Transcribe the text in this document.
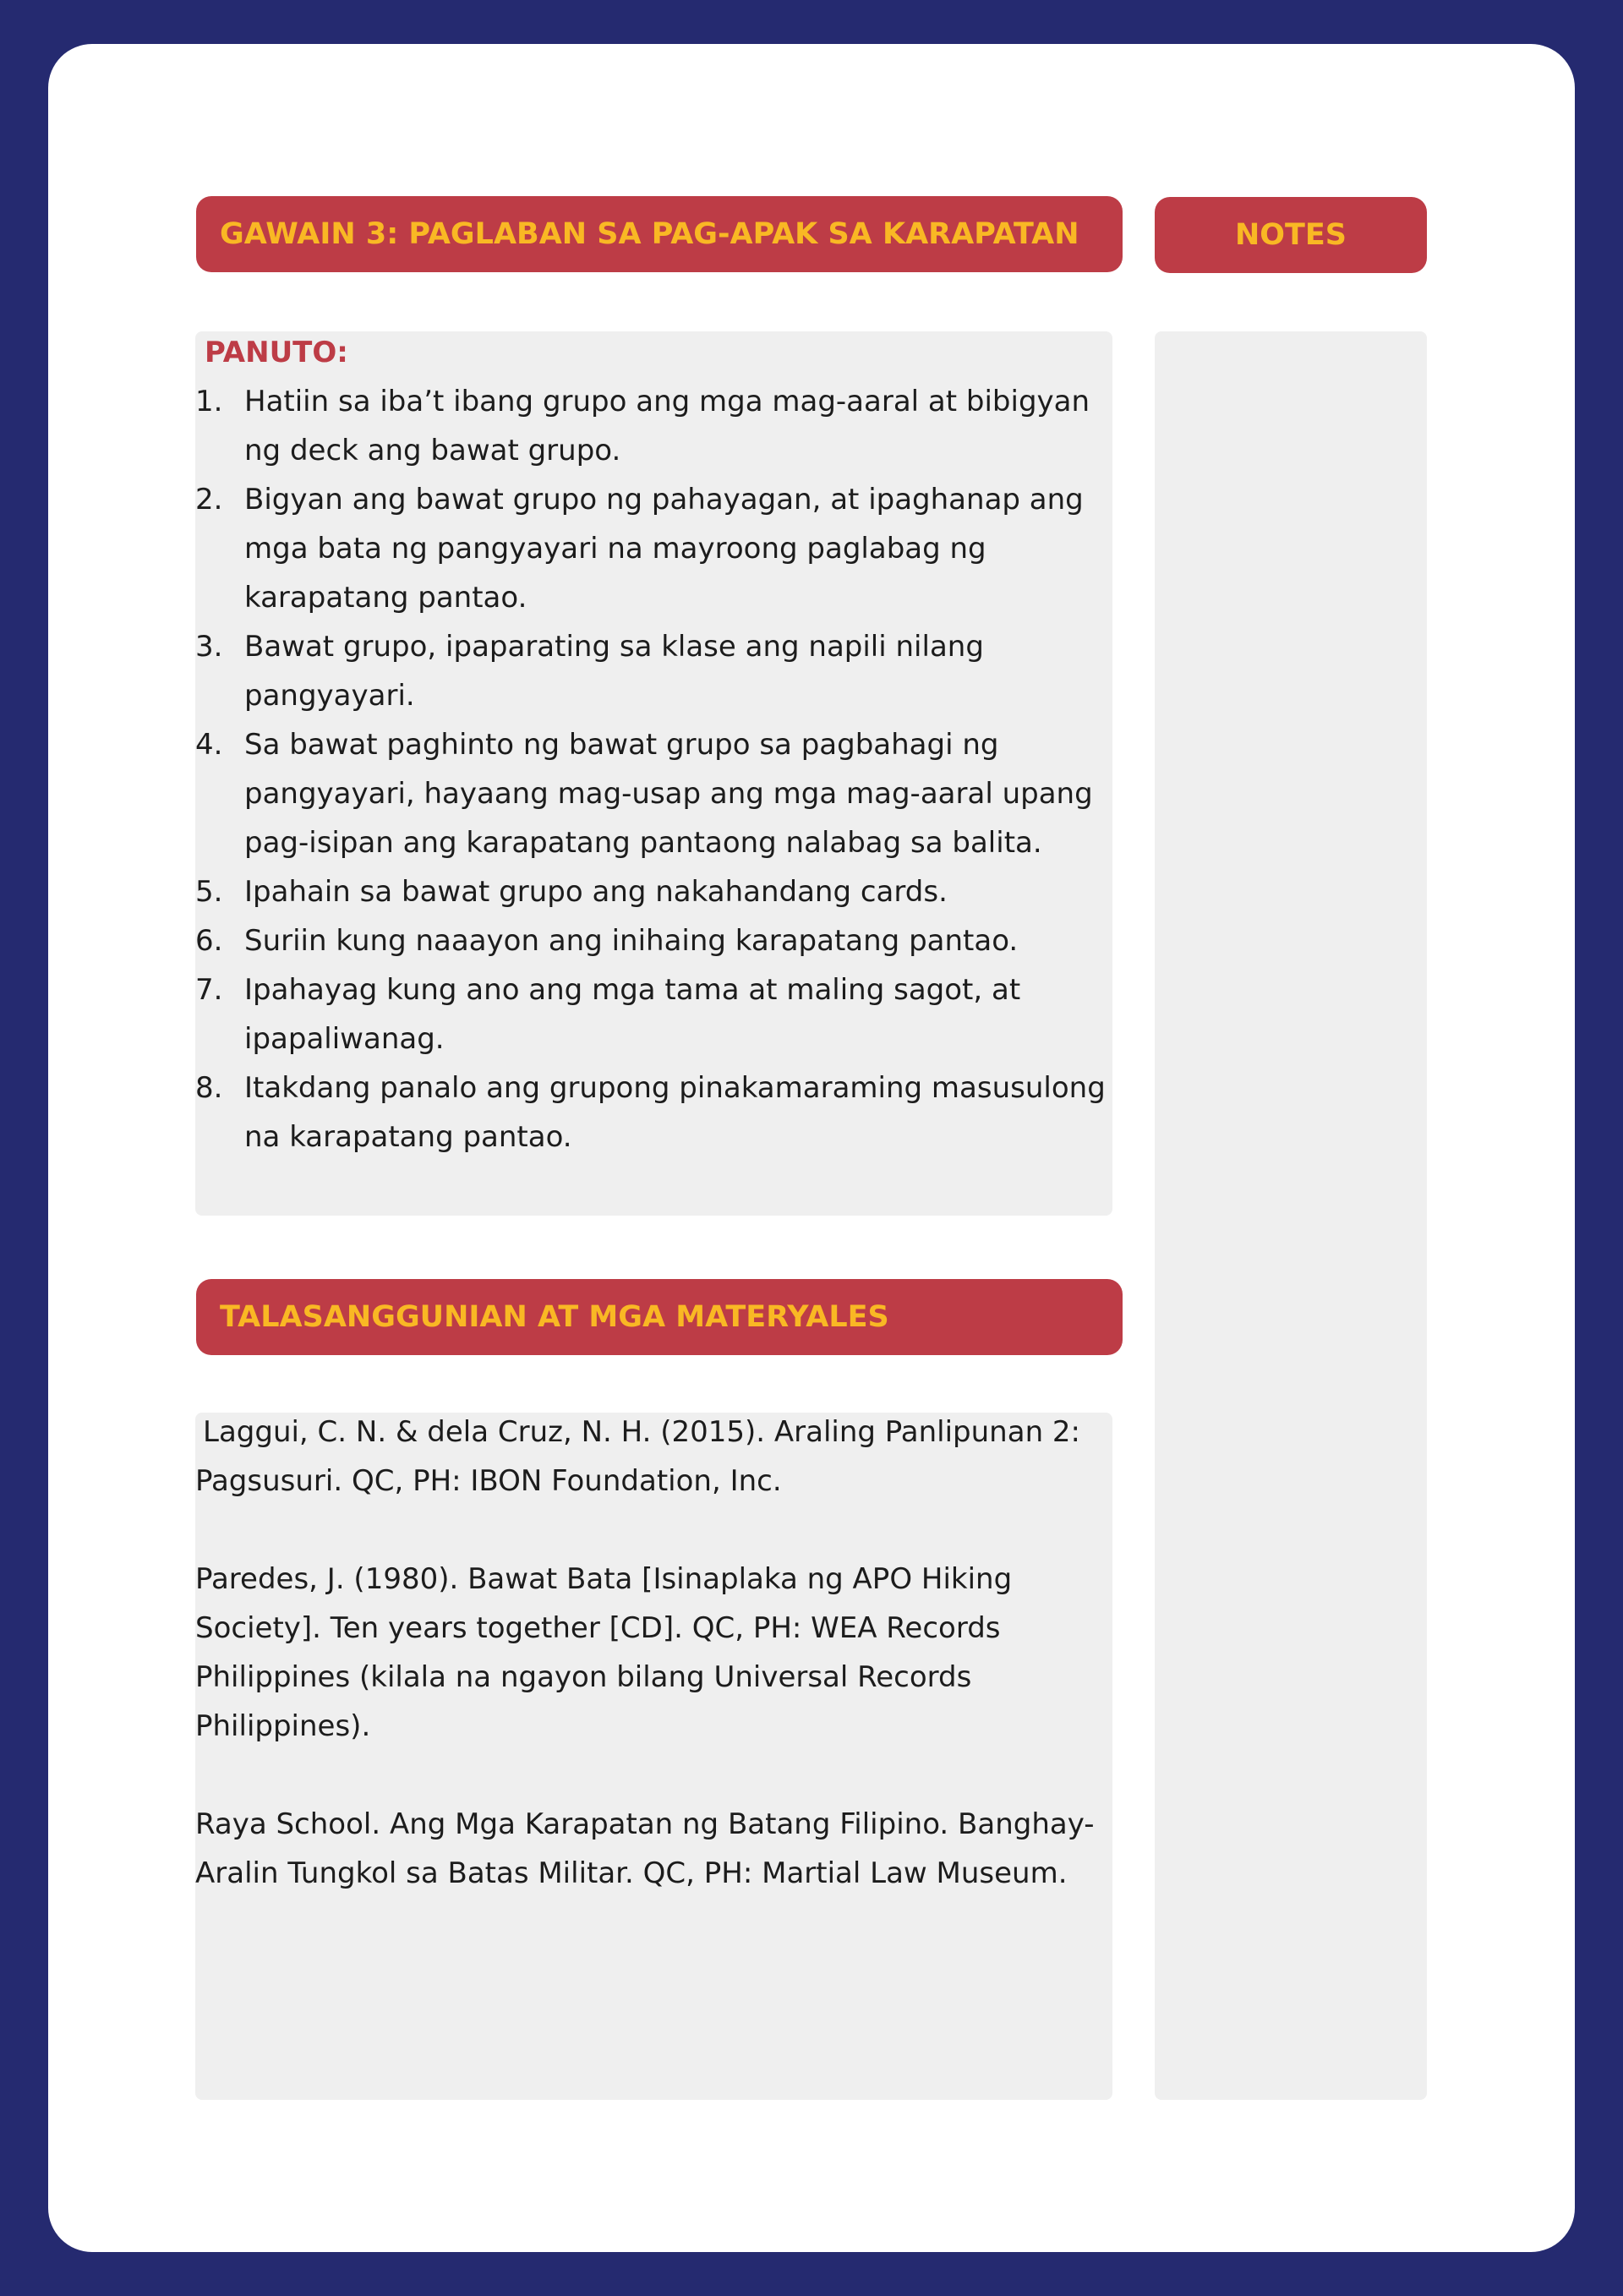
GAWAIN 3: PAGLABAN SA PAG-APAK SA KARAPATAN	NOTES
PANUTO:
1. Hatiin sa iba’t ibang grupo ang mga mag-aaral at bibigyan ng deck ang bawat grupo.
2. Bigyan ang bawat grupo ng pahayagan, at ipaghanap ang mga bata ng pangyayari na mayroong paglabag ng karapatang pantao.
3. Bawat grupo, ipaparating sa klase ang napili nilang pangyayari.
4. Sa bawat paghinto ng bawat grupo sa pagbahagi ng pangyayari, hayaang mag-usap ang mga mag-aaral upang pag-isipan ang karapatang pantaong nalabag sa balita.
5. Ipahain sa bawat grupo ang nakahandang cards.
6. Suriin kung naaayon ang inihaing karapatang pantao.
7. Ipahayag kung ano ang mga tama at maling sagot, at ipapaliwanag.
8. Itakdang panalo ang grupong pinakamaraming masusulong na karapatang pantao.
TALASANGGUNIAN AT MGA MATERYALES

Laggui, C. N. & dela Cruz, N. H. (2015). Araling Panlipunan 2: Pagsusuri. QC, PH: IBON Foundation, Inc.

Paredes, J. (1980). Bawat Bata [Isinaplaka ng APO Hiking Society]. Ten years together [CD]. QC, PH: WEA Records Philippines (kilala na ngayon bilang Universal Records Philippines).

Raya School. Ang Mga Karapatan ng Batang Filipino. Banghay-Aralin Tungkol sa Batas Militar. QC, PH: Martial Law Museum.
